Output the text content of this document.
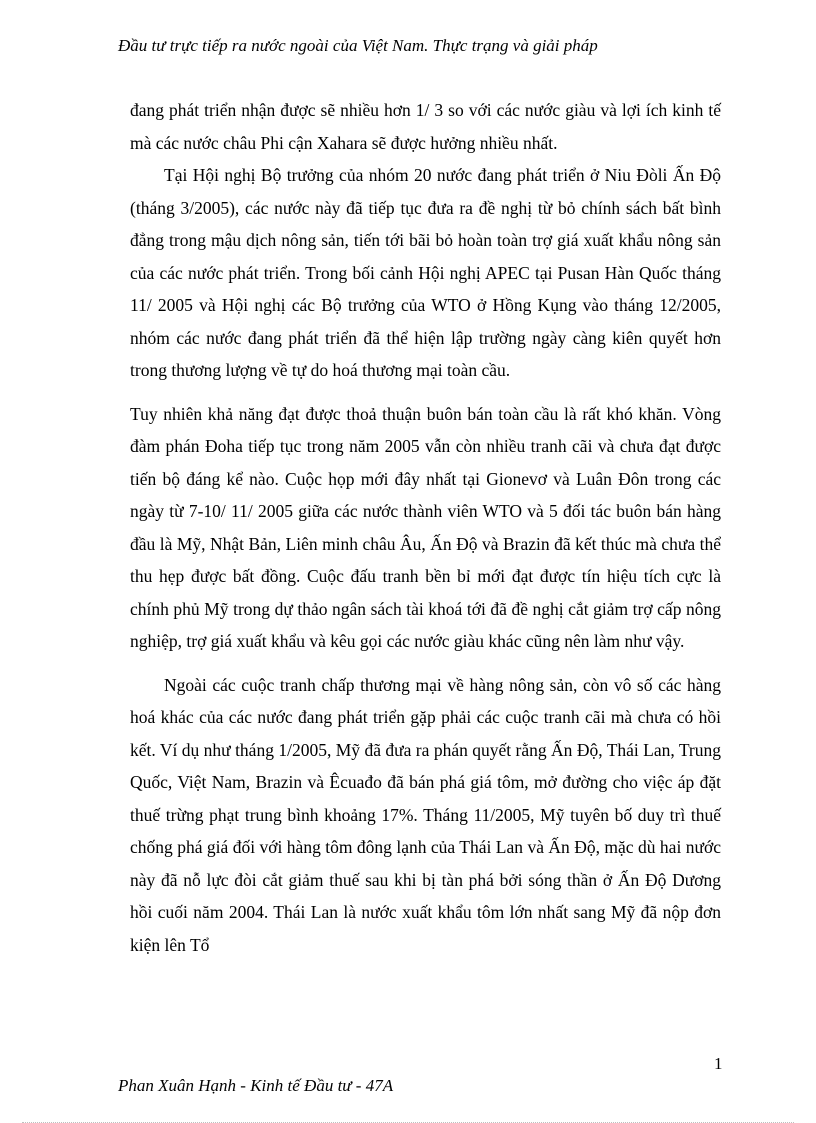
Đầu tư trực tiếp ra nước ngoài của Việt Nam. Thực trạng và giải pháp

đang phát triển nhận được sẽ nhiều hơn 1/ 3 so với các nước giàu và lợi ích kinh tế mà các nước châu Phi cận Xahara sẽ được hưởng nhiều nhất.

Tại Hội nghị Bộ trưởng của nhóm 20 nước đang phát triển ở Niu Đòli Ấn Độ (tháng 3/2005), các nước này đã tiếp tục đưa ra đề nghị từ bỏ chính sách bất bình đẳng trong mậu dịch nông sản, tiến tới bãi bỏ hoàn toàn trợ giá xuất khẩu nông sản của các nước phát triển. Trong bối cảnh Hội nghị APEC tại Pusan Hàn Quốc tháng 11/ 2005 và Hội nghị các Bộ trưởng của WTO ở Hồng Kụng vào tháng 12/2005, nhóm các nước đang phát triển đã thể hiện lập trường ngày càng kiên quyết hơn trong thương lượng về tự do hoá thương mại toàn cầu.

Tuy nhiên khả năng đạt được thoả thuận buôn bán toàn cầu là rất khó khăn. Vòng đàm phán Đoha tiếp tục trong năm 2005 vẫn còn nhiều tranh cãi và chưa đạt được tiến bộ đáng kể nào. Cuộc họp mới đây nhất tại Gionevơ và Luân Đôn trong các ngày từ 7-10/ 11/ 2005 giữa các nước thành viên WTO và 5 đối tác buôn bán hàng đầu là Mỹ, Nhật Bản, Liên minh châu Âu, Ấn Độ và Brazin đã kết thúc mà chưa thể thu hẹp được bất đồng. Cuộc đấu tranh bền bỉ mới đạt được tín hiệu tích cực là chính phủ Mỹ trong dự thảo ngân sách tài khoá tới đã đề nghị cắt giảm trợ cấp nông nghiệp, trợ giá xuất khẩu và kêu gọi các nước giàu khác cũng nên làm như vậy.

Ngoài các cuộc tranh chấp thương mại về hàng nông sản, còn vô số các hàng hoá khác của các nước đang phát triển gặp phải các cuộc tranh cãi mà chưa có hồi kết. Ví dụ như tháng 1/2005, Mỹ đã đưa ra phán quyết rằng Ấn Độ, Thái Lan, Trung Quốc, Việt Nam, Brazin và Êcuađo đã bán phá giá tôm, mở đường cho việc áp đặt thuế trừng phạt trung bình khoảng 17%. Tháng 11/2005, Mỹ tuyên bố duy trì thuế chống phá giá đối với hàng tôm đông lạnh của Thái Lan và Ấn Độ, mặc dù hai nước này đã nỗ lực đòi cắt giảm thuế sau khi bị tàn phá bởi sóng thần ở Ấn Độ Dương hồi cuối năm 2004. Thái Lan là nước xuất khẩu tôm lớn nhất sang Mỹ đã nộp đơn kiện lên Tổ

1
Phan Xuân Hạnh - Kinh tế Đầu tư - 47A
